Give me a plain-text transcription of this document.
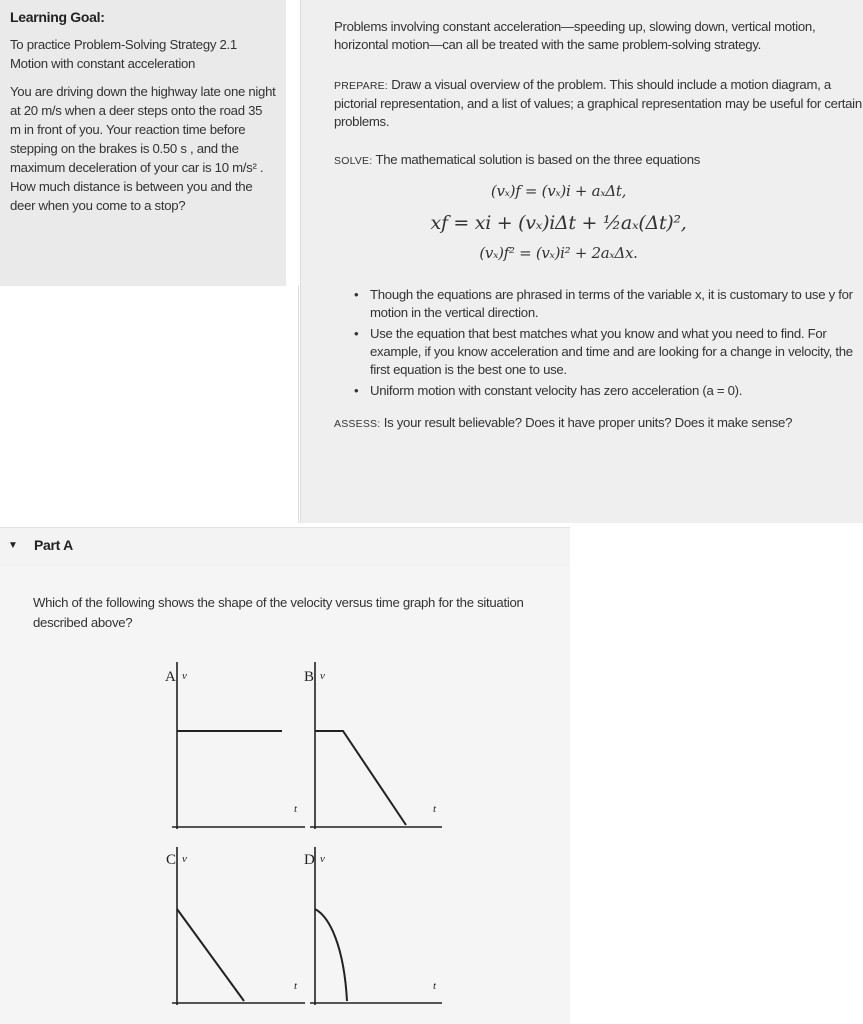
Learning Goal:

To practice Problem-Solving Strategy 2.1 Motion with constant acceleration

You are driving down the highway late one night at 20 m/s when a deer steps onto the road 35 m in front of you. Your reaction time before stepping on the brakes is 0.50 s , and the maximum deceleration of your car is 10 m/s² . How much distance is between you and the deer when you come to a stop?

Problems involving constant acceleration—speeding up, slowing down, vertical motion, horizontal motion—can all be treated with the same problem-solving strategy.

PREPARE: Draw a visual overview of the problem. This should include a motion diagram, a pictorial representation, and a list of values; a graphical representation may be useful for certain problems.

SOLVE: The mathematical solution is based on the three equations

(vₓ)f = (vₓ)i + aₓΔt,
xf = xi + (vₓ)iΔt + ½aₓ(Δt)²,
(vₓ)f² = (vₓ)i² + 2aₓΔx.
• Though the equations are phrased in terms of the variable x, it is customary to use y for motion in the vertical direction.
• Use the equation that best matches what you know and what you need to find. For example, if you know acceleration and time and are looking for a change in velocity, the first equation is the best one to use.
• Uniform motion with constant velocity has zero acceleration (a = 0).

ASSESS: Is your result believable? Does it have proper units? Does it make sense?

▼ Part A
Which of the following shows the shape of the velocity versus time graph for the situation described above?
A v
t
B v
t
C v
t
D v
t
